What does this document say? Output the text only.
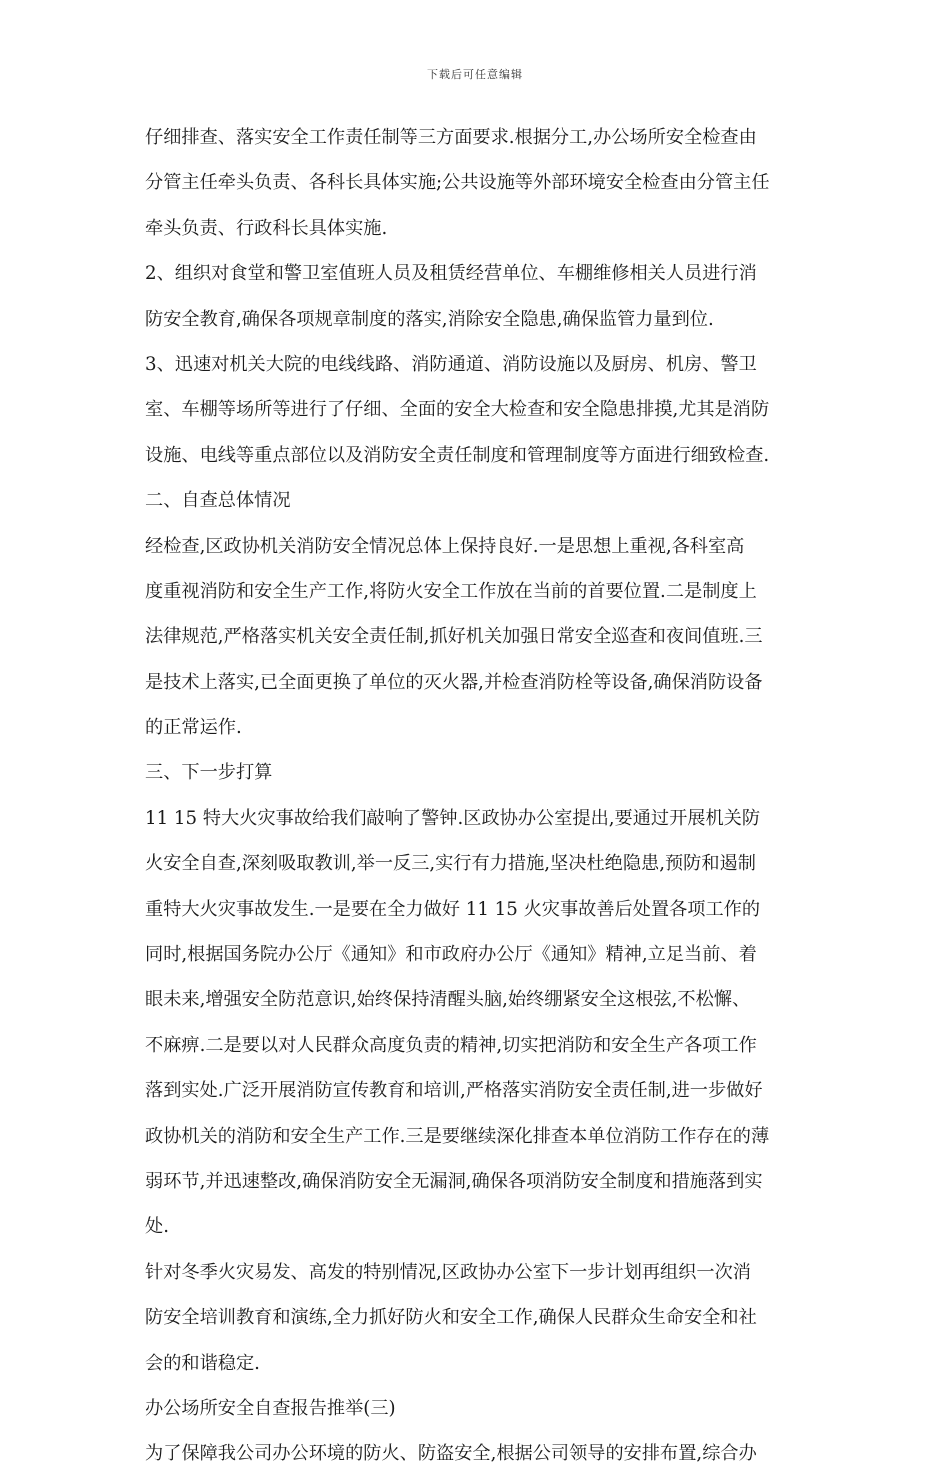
下载后可任意编辑
仔细排查、落实安全工作责任制等三方面要求.根据分工,办公场所安全检查由
分管主任牵头负责、各科长具体实施;公共设施等外部环境安全检查由分管主任
牵头负责、行政科长具体实施.
2、组织对食堂和警卫室值班人员及租赁经营单位、车棚维修相关人员进行消
防安全教育,确保各项规章制度的落实,消除安全隐患,确保监管力量到位.
3、迅速对机关大院的电线线路、消防通道、消防设施以及厨房、机房、警卫
室、车棚等场所等进行了仔细、全面的安全大检查和安全隐患排摸,尤其是消防
设施、电线等重点部位以及消防安全责任制度和管理制度等方面进行细致检查.
二、自查总体情况
经检查,区政协机关消防安全情况总体上保持良好.一是思想上重视,各科室高
度重视消防和安全生产工作,将防火安全工作放在当前的首要位置.二是制度上
法律规范,严格落实机关安全责任制,抓好机关加强日常安全巡查和夜间值班.三
是技术上落实,已全面更换了单位的灭火器,并检查消防栓等设备,确保消防设备
的正常运作.
三、下一步打算
11 15 特大火灾事故给我们敲响了警钟.区政协办公室提出,要通过开展机关防
火安全自查,深刻吸取教训,举一反三,实行有力措施,坚决杜绝隐患,预防和遏制
重特大火灾事故发生.一是要在全力做好 11 15 火灾事故善后处置各项工作的
同时,根据国务院办公厅《通知》和市政府办公厅《通知》精神,立足当前、着
眼未来,增强安全防范意识,始终保持清醒头脑,始终绷紧安全这根弦,不松懈、
不麻痹.二是要以对人民群众高度负责的精神,切实把消防和安全生产各项工作
落到实处.广泛开展消防宣传教育和培训,严格落实消防安全责任制,进一步做好
政协机关的消防和安全生产工作.三是要继续深化排查本单位消防工作存在的薄
弱环节,并迅速整改,确保消防安全无漏洞,确保各项消防安全制度和措施落到实
处.
针对冬季火灾易发、高发的特别情况,区政协办公室下一步计划再组织一次消
防安全培训教育和演练,全力抓好防火和安全工作,确保人民群众生命安全和社
会的和谐稳定.
办公场所安全自查报告推举(三)
为了保障我公司办公环境的防火、防盗安全,根据公司领导的安排布置,综合办
